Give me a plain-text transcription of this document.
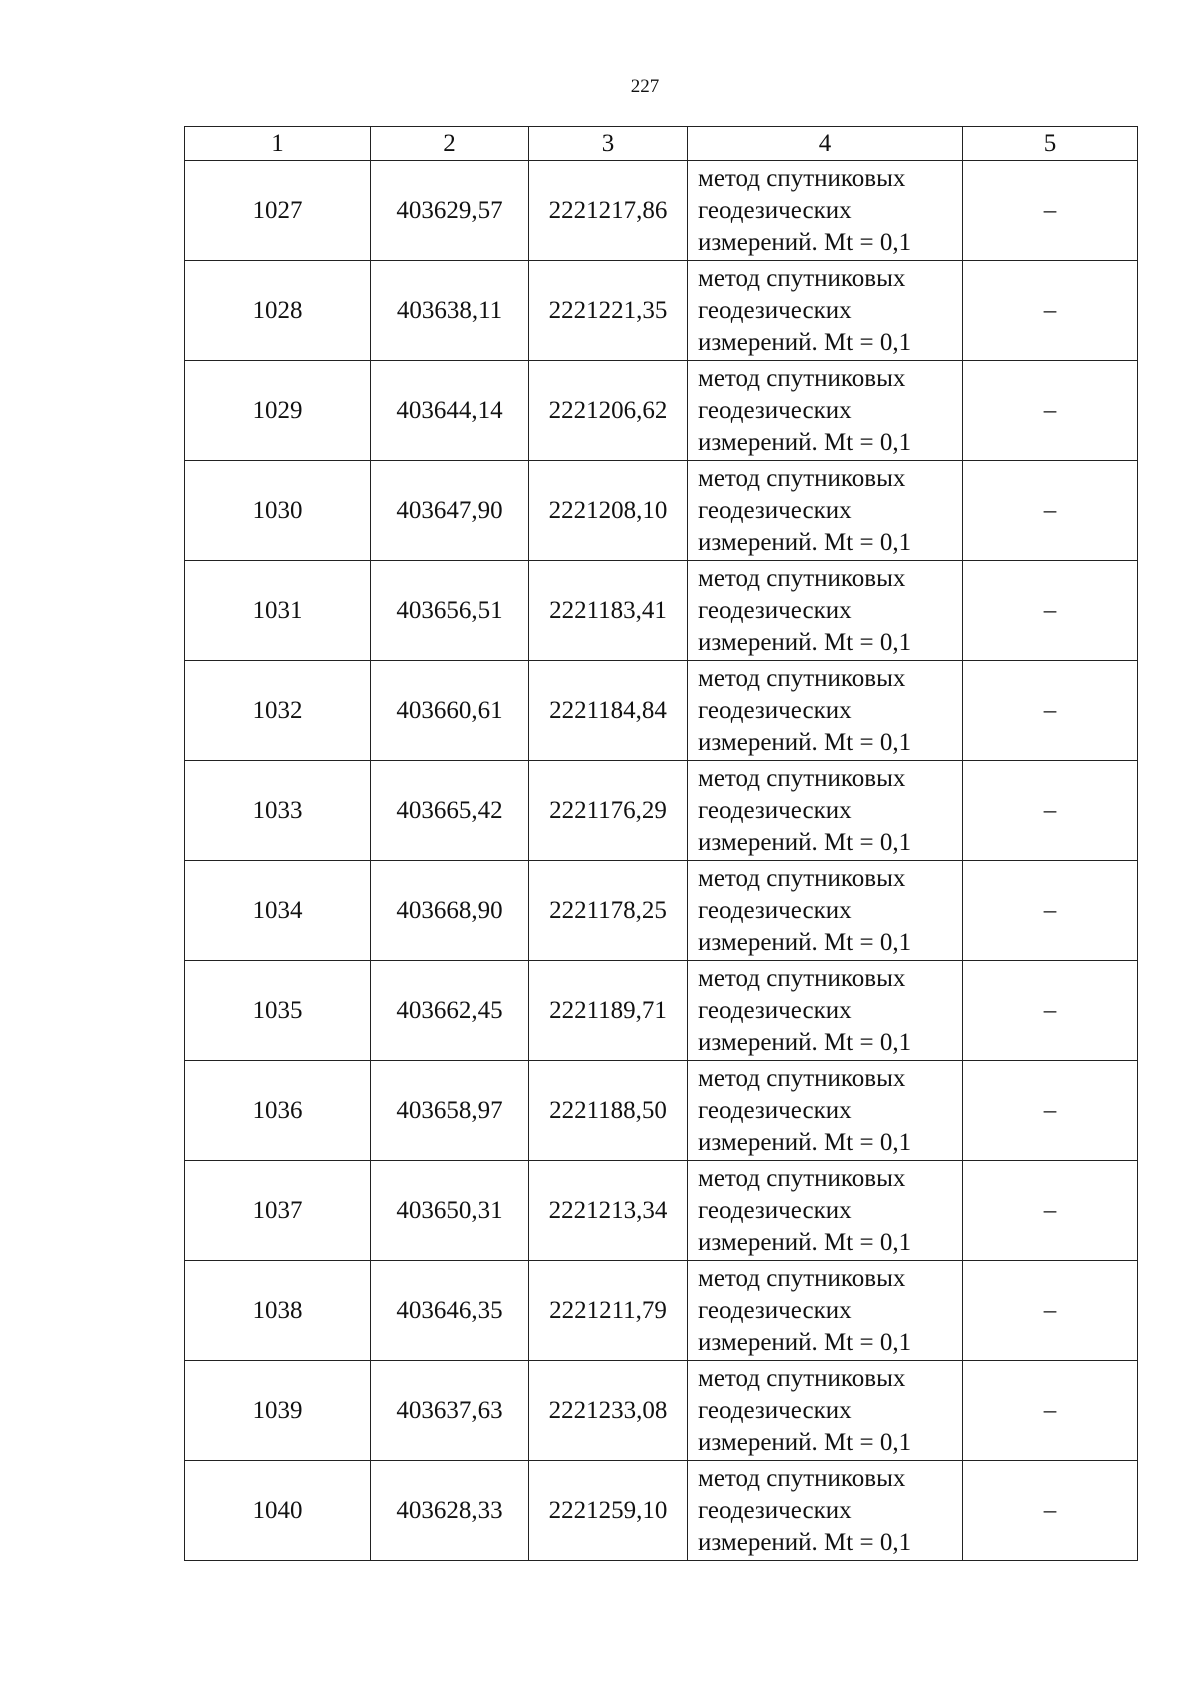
227
1	2	3	4	5
1027	403629,57	2221217,86	метод спутниковых
геодезических
измерений. Mt = 0,1	–
1028	403638,11	2221221,35	метод спутниковых
геодезических
измерений. Mt = 0,1	–
1029	403644,14	2221206,62	метод спутниковых
геодезических
измерений. Mt = 0,1	–
1030	403647,90	2221208,10	метод спутниковых
геодезических
измерений. Mt = 0,1	–
1031	403656,51	2221183,41	метод спутниковых
геодезических
измерений. Mt = 0,1	–
1032	403660,61	2221184,84	метод спутниковых
геодезических
измерений. Mt = 0,1	–
1033	403665,42	2221176,29	метод спутниковых
геодезических
измерений. Mt = 0,1	–
1034	403668,90	2221178,25	метод спутниковых
геодезических
измерений. Mt = 0,1	–
1035	403662,45	2221189,71	метод спутниковых
геодезических
измерений. Mt = 0,1	–
1036	403658,97	2221188,50	метод спутниковых
геодезических
измерений. Mt = 0,1	–
1037	403650,31	2221213,34	метод спутниковых
геодезических
измерений. Mt = 0,1	–
1038	403646,35	2221211,79	метод спутниковых
геодезических
измерений. Mt = 0,1	–
1039	403637,63	2221233,08	метод спутниковых
геодезических
измерений. Mt = 0,1	–
1040	403628,33	2221259,10	метод спутниковых
геодезических
измерений. Mt = 0,1	–
